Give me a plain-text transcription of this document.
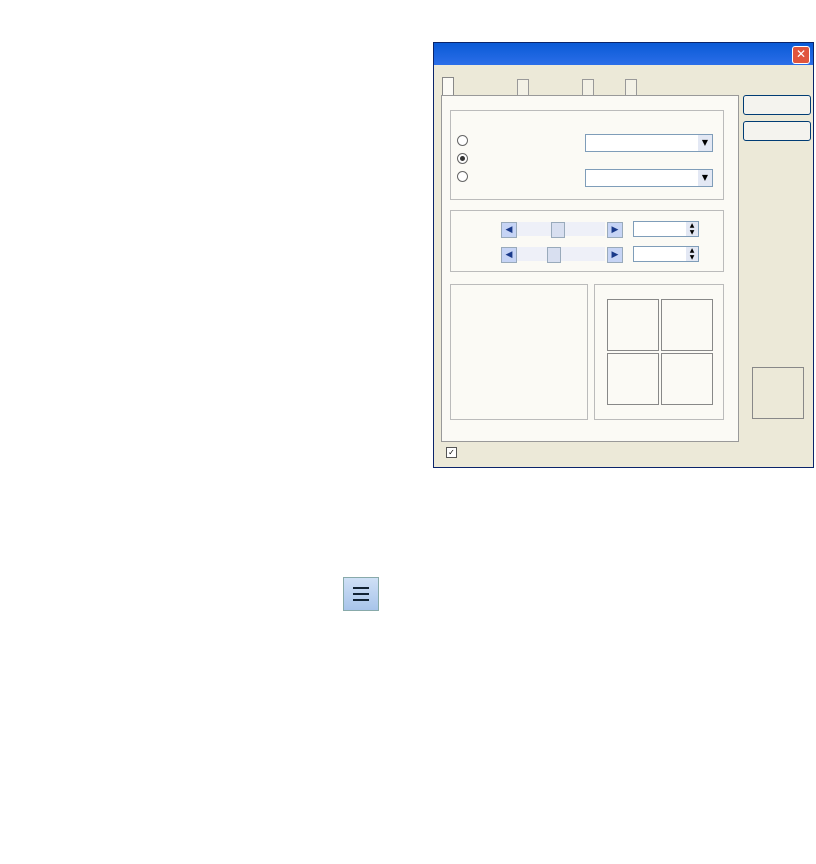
✕
▼
▼
◀	▶	▲
▼
◀	▶	▲
▼
✓
